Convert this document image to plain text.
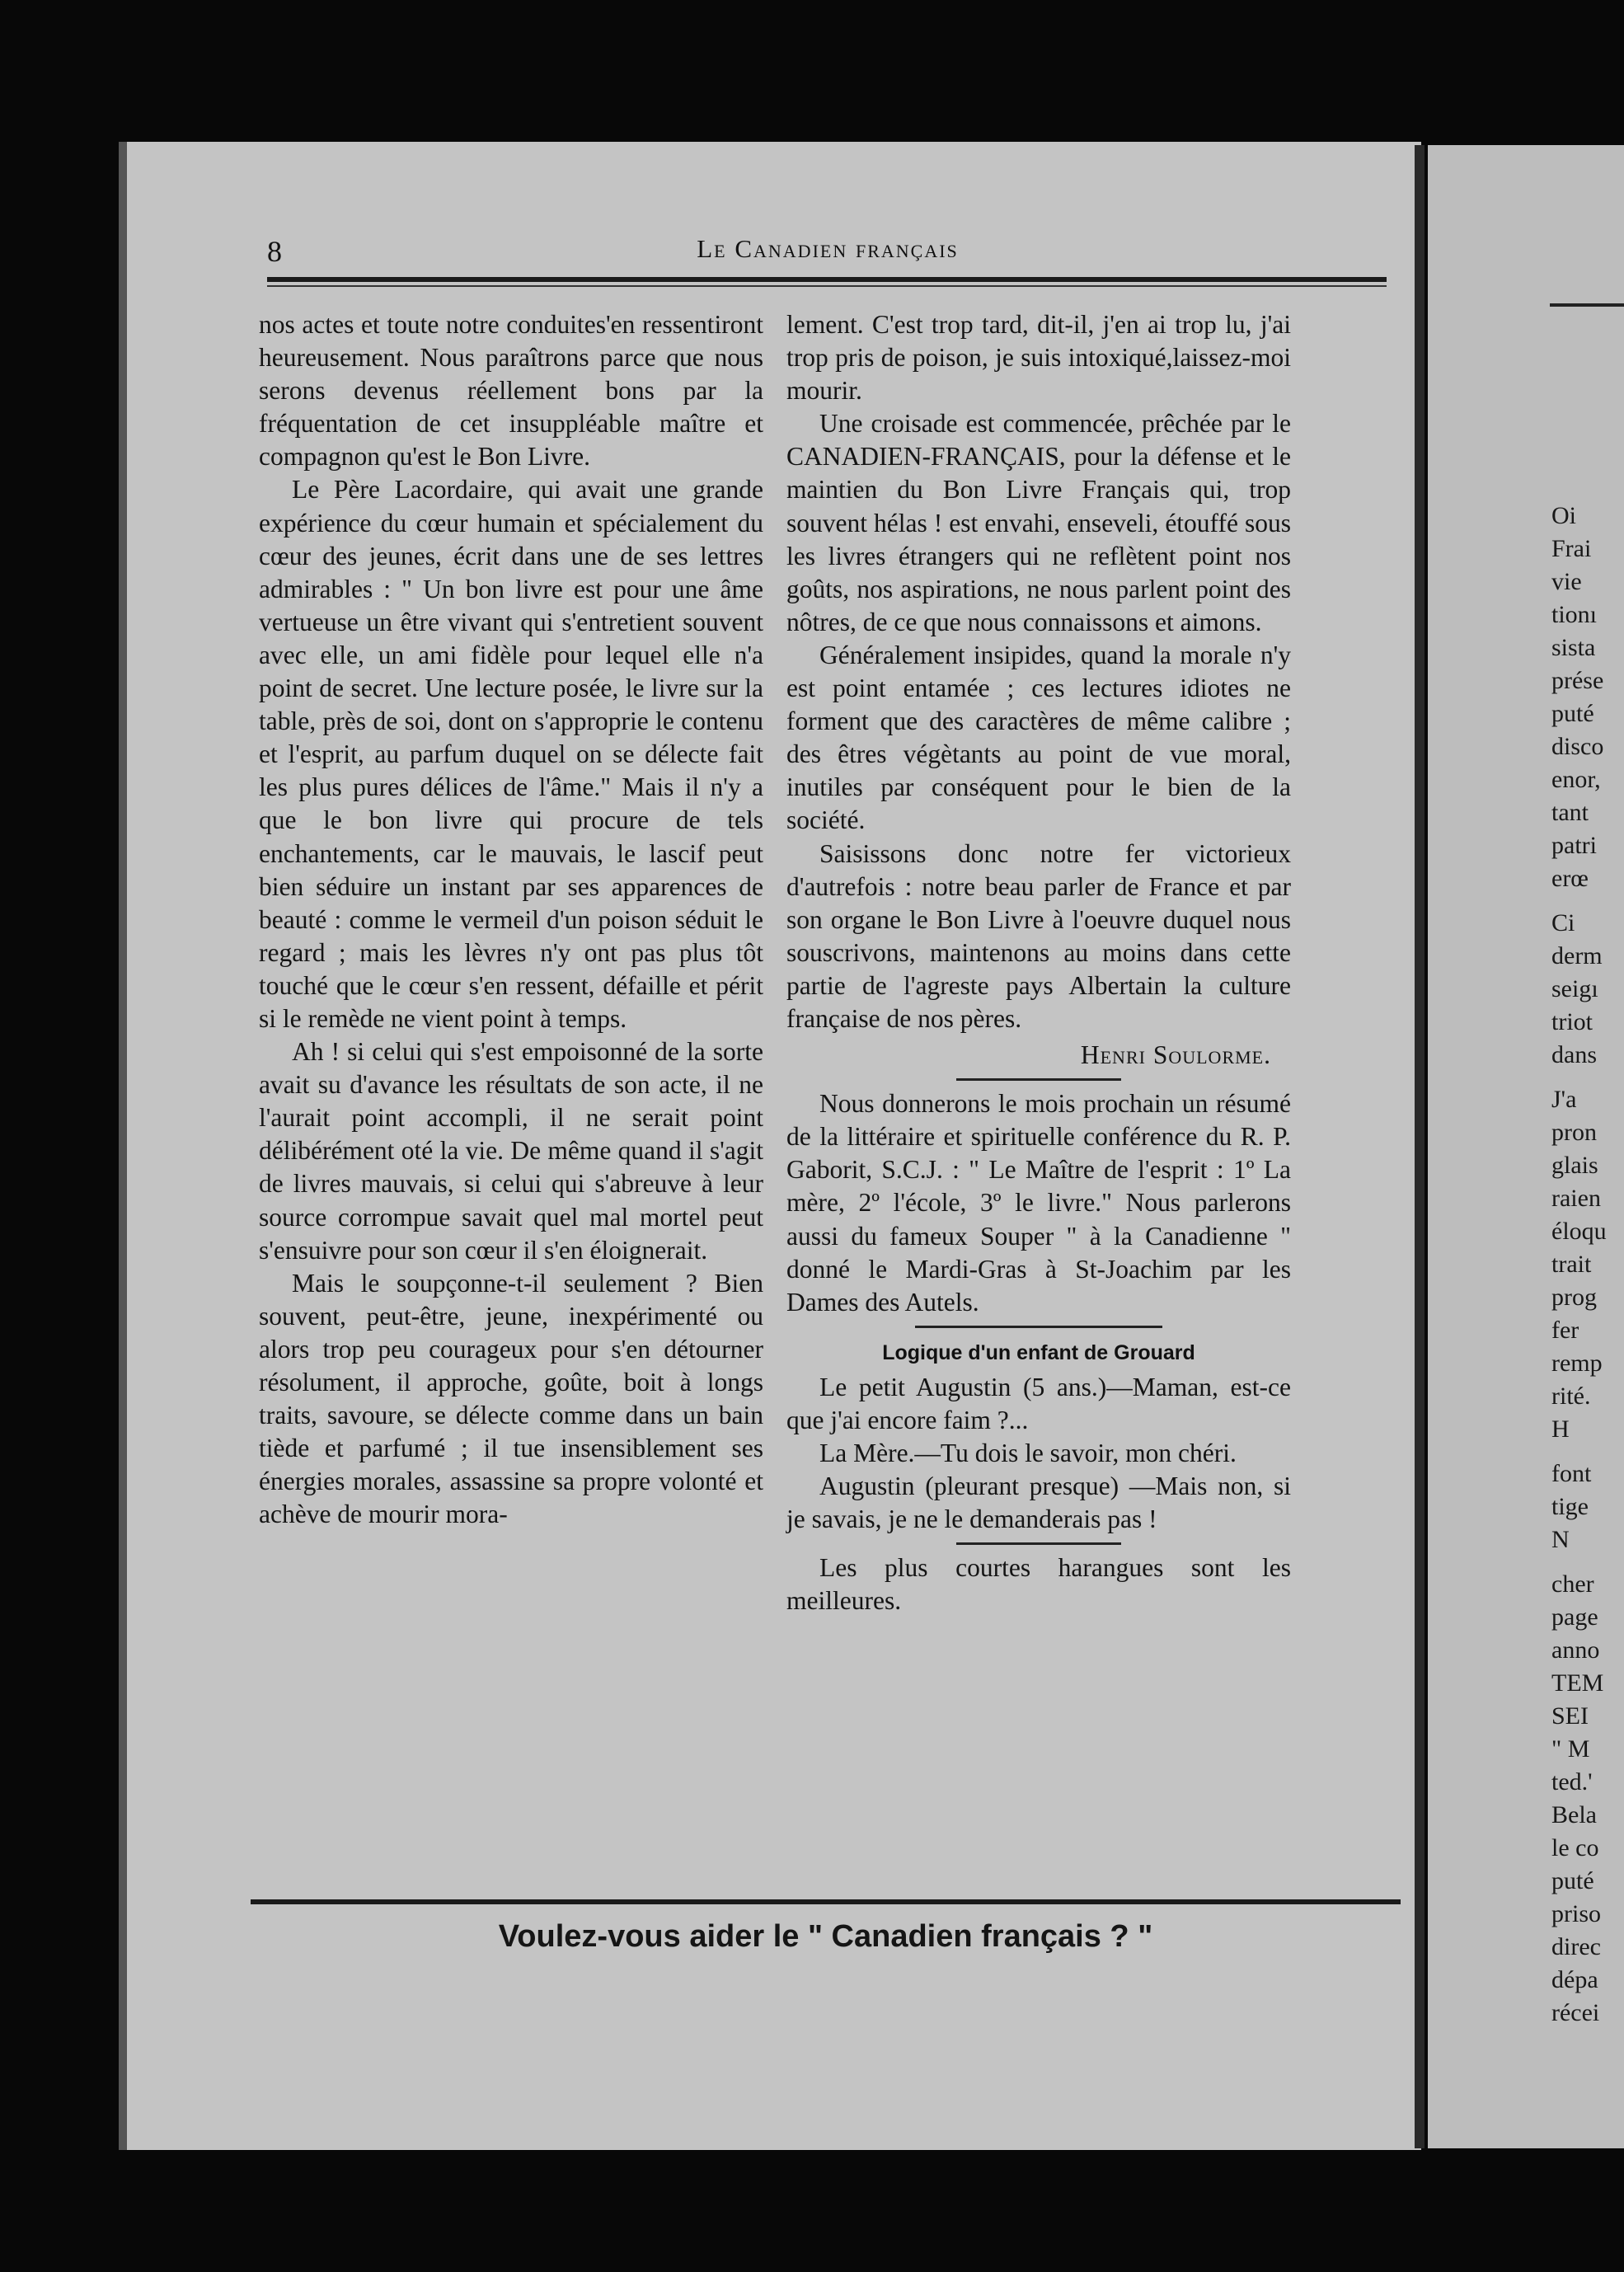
8	Le Canadien français

nos actes et toute notre conduites'en ressentiront heureusement. Nous paraîtrons parce que nous serons devenus réellement bons par la fréquentation de cet insuppléable maître et compagnon qu'est le Bon Livre.

Le Père Lacordaire, qui avait une grande expérience du cœur humain et spécialement du cœur des jeunes, écrit dans une de ses lettres admirables : " Un bon livre est pour une âme vertueuse un être vivant qui s'entretient souvent avec elle, un ami fidèle pour lequel elle n'a point de secret. Une lecture posée, le livre sur la table, près de soi, dont on s'approprie le contenu et l'esprit, au parfum duquel on se délecte fait les plus pures délices de l'âme." Mais il n'y a que le bon livre qui procure de tels enchantements, car le mauvais, le lascif peut bien séduire un instant par ses apparences de beauté : comme le vermeil d'un poison séduit le regard ; mais les lèvres n'y ont pas plus tôt touché que le cœur s'en ressent, défaille et périt si le remède ne vient point à temps.

Ah ! si celui qui s'est empoisonné de la sorte avait su d'avance les résultats de son acte, il ne l'aurait point accompli, il ne serait point délibérément oté la vie. De même quand il s'agit de livres mauvais, si celui qui s'abreuve à leur source corrompue savait quel mal mortel peut s'ensuivre pour son cœur il s'en éloignerait.

Mais le soupçonne-t-il seulement ? Bien souvent, peut-être, jeune, inexpérimenté ou alors trop peu courageux pour s'en détourner résolument, il approche, goûte, boit à longs traits, savoure, se délecte comme dans un bain tiède et parfumé ; il tue insensiblement ses énergies morales, assassine sa propre volonté et achève de mourir mora-

lement. C'est trop tard, dit-il, j'en ai trop lu, j'ai trop pris de poison, je suis intoxiqué,laissez-moi mourir.

Une croisade est commencée, prêchée par le CANADIEN-FRANÇAIS, pour la défense et le maintien du Bon Livre Français qui, trop souvent hélas ! est envahi, enseveli, étouffé sous les livres étrangers qui ne reflètent point nos goûts, nos aspirations, ne nous parlent point des nôtres, de ce que nous connaissons et aimons.

Généralement insipides, quand la morale n'y est point entamée ; ces lectures idiotes ne forment que des caractères de même calibre ; des êtres végètants au point de vue moral, inutiles par conséquent pour le bien de la société.

Saisissons donc notre fer victorieux d'autrefois : notre beau parler de France et par son organe le Bon Livre à l'oeuvre duquel nous souscrivons, maintenons au moins dans cette partie de l'agreste pays Albertain la culture française de nos pères.

Henri Soulorme.

Nous donnerons le mois prochain un résumé de la littéraire et spirituelle conférence du R. P. Gaborit, S.C.J. : " Le Maître de l'esprit : 1º La mère, 2º l'école, 3º le livre." Nous parlerons aussi du fameux Souper " à la Canadienne " donné le Mardi-Gras à St-Joachim par les Dames des Autels.

Logique d'un enfant de Grouard

Le petit Augustin (5 ans.)—Maman, est-ce que j'ai encore faim ?...

La Mère.—Tu dois le savoir, mon chéri.

Augustin (pleurant presque) —Mais non, si je savais, je ne le demanderais pas !

Les plus courtes harangues sont les meilleures.

Voulez-vous aider le " Canadien français ? "
Oi
Frai
vie
tionı
sista
prése
puté
disco
enor,
tant
patri
erœ
Ci
derm
seigı
triot
dans
J'a
pron
glais
raien
éloqu
trait
prog
fer
remp
rité.
H
font
tige
N
cher
page
anno
TEM
SEI
" M
ted.'
Bela
le co
puté
priso
direc
dépa
récei
